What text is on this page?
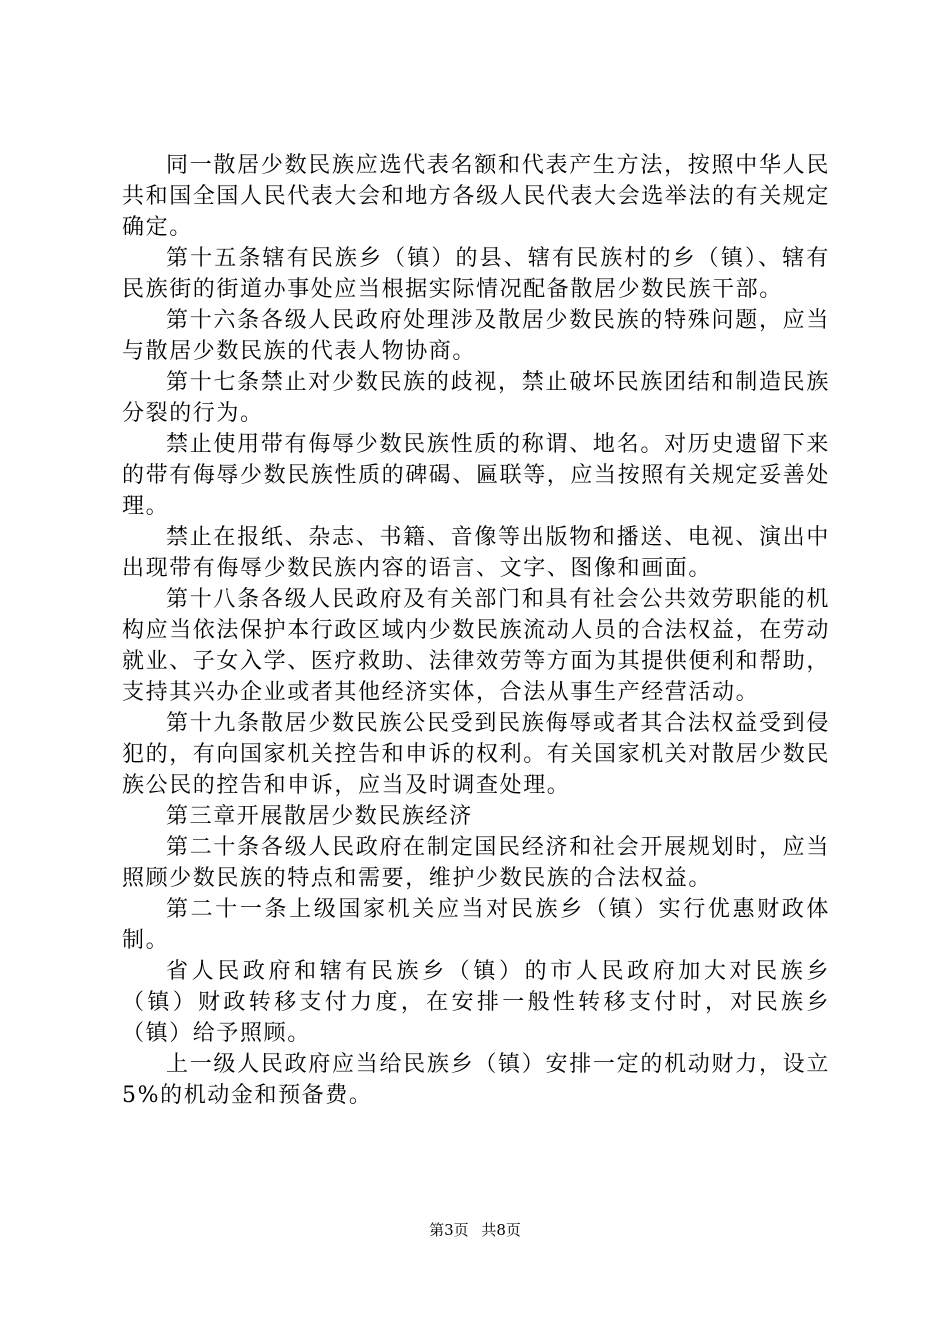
同一散居少数民族应选代表名额和代表产生方法，按照中华人民共和国全国人民代表大会和地方各级人民代表大会选举法的有关规定确定。

第十五条辖有民族乡（镇）的县、辖有民族村的乡（镇）、辖有民族街的街道办事处应当根据实际情况配备散居少数民族干部。

第十六条各级人民政府处理涉及散居少数民族的特殊问题，应当与散居少数民族的代表人物协商。

第十七条禁止对少数民族的歧视，禁止破坏民族团结和制造民族分裂的行为。

禁止使用带有侮辱少数民族性质的称谓、地名。对历史遗留下来的带有侮辱少数民族性质的碑碣、匾联等，应当按照有关规定妥善处理。

禁止在报纸、杂志、书籍、音像等出版物和播送、电视、演出中出现带有侮辱少数民族内容的语言、文字、图像和画面。

第十八条各级人民政府及有关部门和具有社会公共效劳职能的机构应当依法保护本行政区域内少数民族流动人员的合法权益，在劳动就业、子女入学、医疗救助、法律效劳等方面为其提供便利和帮助，支持其兴办企业或者其他经济实体，合法从事生产经营活动。

第十九条散居少数民族公民受到民族侮辱或者其合法权益受到侵犯的，有向国家机关控告和申诉的权利。有关国家机关对散居少数民族公民的控告和申诉，应当及时调查处理。

第三章开展散居少数民族经济

第二十条各级人民政府在制定国民经济和社会开展规划时，应当照顾少数民族的特点和需要，维护少数民族的合法权益。

第二十一条上级国家机关应当对民族乡（镇）实行优惠财政体制。

省人民政府和辖有民族乡（镇）的市人民政府加大对民族乡（镇）财政转移支付力度，在安排一般性转移支付时，对民族乡（镇）给予照顾。

上一级人民政府应当给民族乡（镇）安排一定的机动财力，设立5%的机动金和预备费。

第3页 共8页
